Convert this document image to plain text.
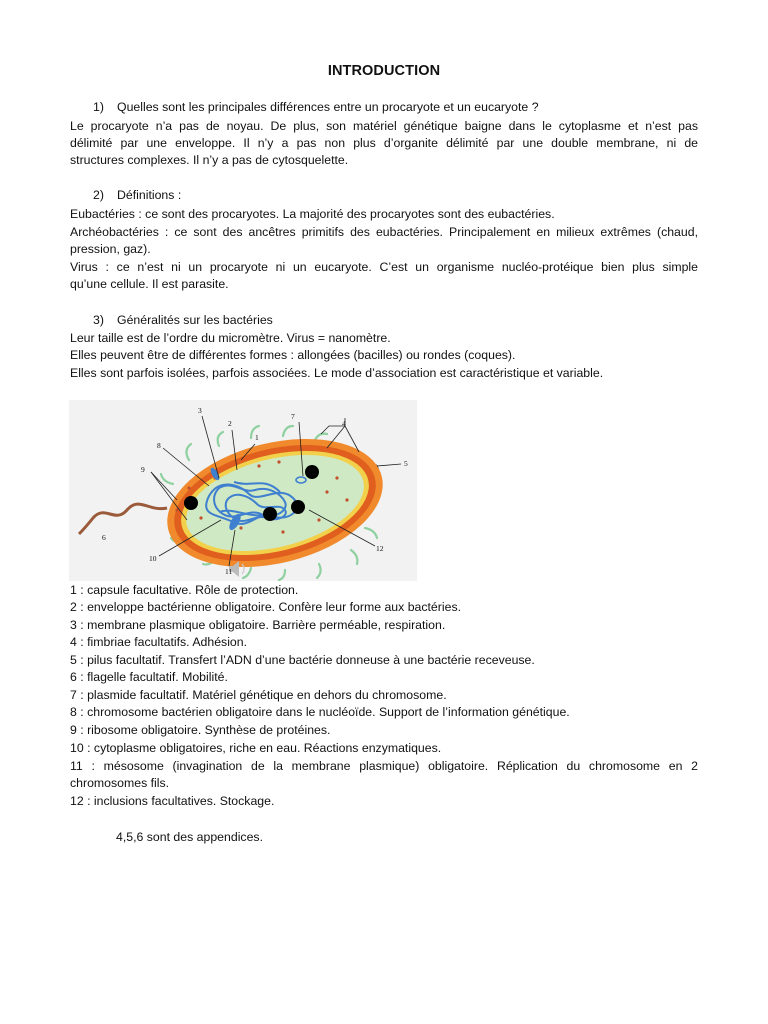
INTRODUCTION
1) Quelles sont les principales différences entre un procaryote et un eucaryote ?
Le procaryote n’a pas de noyau. De plus, son matériel génétique baigne dans le cytoplasme et n’est pas
délimité par une enveloppe. Il n’y a pas non plus d’organite délimité par une double membrane, ni de
structures complexes. Il n’y a pas de cytosquelette.
2) Définitions :
Eubactéries : ce sont des procaryotes. La majorité des procaryotes sont des eubactéries.
Archéobactéries : ce sont des ancêtres primitifs des eubactéries. Principalement en milieux extrêmes (chaud,
pression, gaz).
Virus : ce n’est ni un procaryote ni un eucaryote. C’est un organisme nucléo-protéique bien plus simple
qu’une cellule. Il est parasite.
3) Généralités sur les bactéries
Leur taille est de l’ordre du micromètre. Virus = nanomètre.
Elles peuvent être de différentes formes : allongées (bacilles) ou rondes (coques).
Elles sont parfois isolées, parfois associées. Le mode d’association est caractéristique et variable.
1
2
3
4
5
6
7
8
9
10
11
12
1 : capsule facultative. Rôle de protection.
2 : enveloppe bactérienne obligatoire. Confère leur forme aux bactéries.
3 : membrane plasmique obligatoire. Barrière perméable, respiration.
4 : fimbriae facultatifs. Adhésion.
5 : pilus facultatif. Transfert l’ADN d’une bactérie donneuse à une bactérie receveuse.
6 : flagelle facultatif. Mobilité.
7 : plasmide facultatif. Matériel génétique en dehors du chromosome.
8 : chromosome bactérien obligatoire dans le nucléoïde. Support de l’information génétique.
9 : ribosome obligatoire. Synthèse de protéines.
10 : cytoplasme obligatoires, riche en eau. Réactions enzymatiques.
11 : mésosome (invagination de la membrane plasmique) obligatoire. Réplication du chromosome en 2
chromosomes fils.
12 : inclusions facultatives. Stockage.
4,5,6 sont des appendices.
